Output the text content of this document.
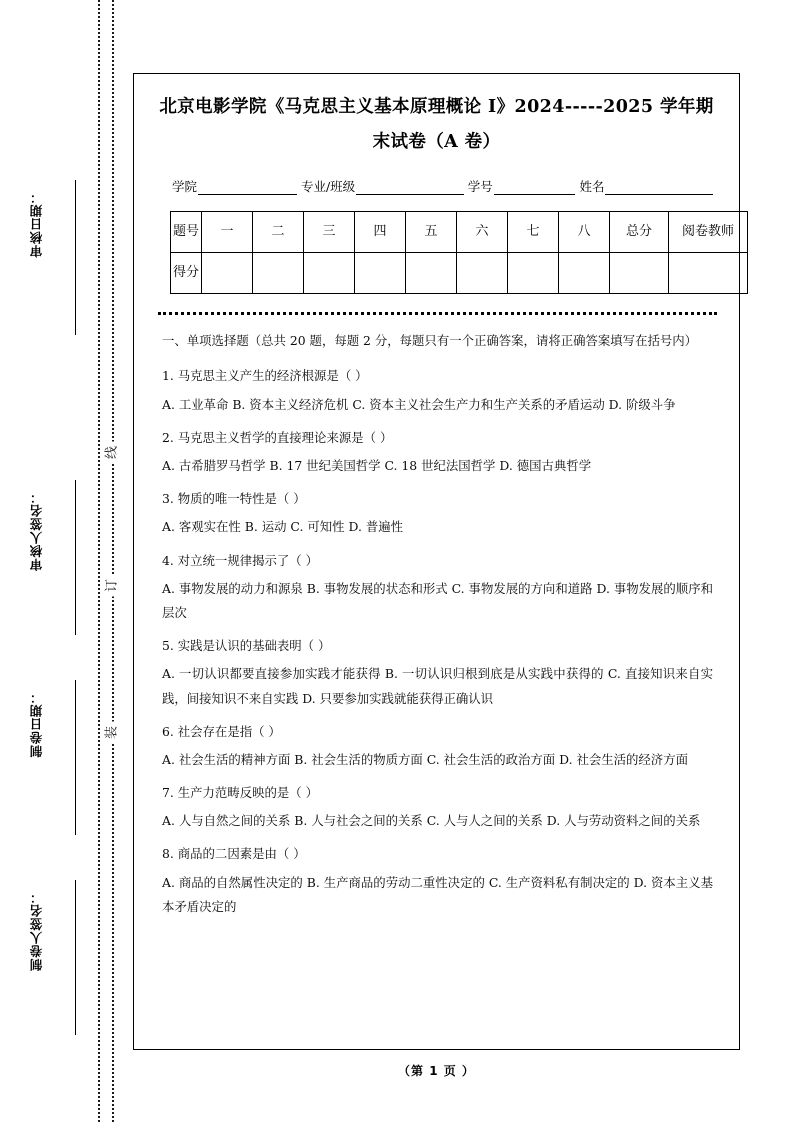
审核日期：
审核人签名：
制卷日期：
制卷人签名：
线
订
装
北京电影学院《马克思主义基本原理概论 I》2024-----2025 学年期
末试卷（A 卷）
学院	专业/班级	学号	姓名
题号	一	二	三	四	五	六	七	八	总分	阅卷教师
得分										
一、单项选择题（总共 20 题，每题 2 分，每题只有一个正确答案，请将正确答案填写在括号内）
1. 马克思主义产生的经济根源是（ ）
A. 工业革命 B. 资本主义经济危机 C. 资本主义社会生产力和生产关系的矛盾运动 D. 阶级斗争
2. 马克思主义哲学的直接理论来源是（ ）
A. 古希腊罗马哲学 B. 17 世纪美国哲学 C. 18 世纪法国哲学 D. 德国古典哲学
3. 物质的唯一特性是（ ）
A. 客观实在性 B. 运动 C. 可知性 D. 普遍性
4. 对立统一规律揭示了（ ）
A. 事物发展的动力和源泉 B. 事物发展的状态和形式 C. 事物发展的方向和道路 D. 事物发展的顺序和层次
5. 实践是认识的基础表明（ ）
A. 一切认识都要直接参加实践才能获得 B. 一切认识归根到底是从实践中获得的 C. 直接知识来自实践，间接知识不来自实践 D. 只要参加实践就能获得正确认识
6. 社会存在是指（ ）
A. 社会生活的精神方面 B. 社会生活的物质方面 C. 社会生活的政治方面 D. 社会生活的经济方面
7. 生产力范畴反映的是（ ）
A. 人与自然之间的关系 B. 人与社会之间的关系 C. 人与人之间的关系 D. 人与劳动资料之间的关系
8. 商品的二因素是由（ ）
A. 商品的自然属性决定的 B. 生产商品的劳动二重性决定的 C. 生产资料私有制决定的 D. 资本主义基本矛盾决定的
（第 1 页 ）
